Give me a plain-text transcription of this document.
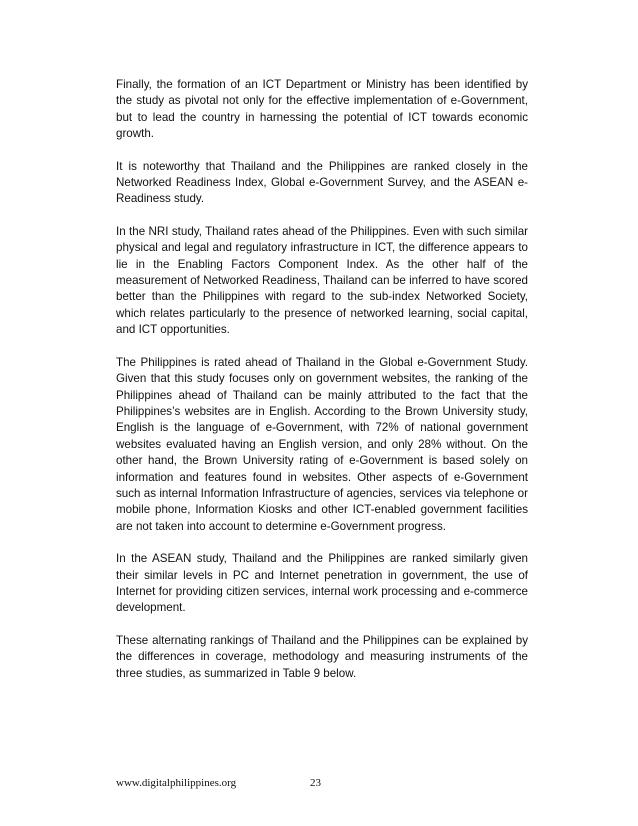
Finally, the formation of an ICT Department or Ministry has been identified by the study as pivotal not only for the effective implementation of e-Government, but to lead the country in harnessing the potential of ICT towards economic growth.

It is noteworthy that Thailand and the Philippines are ranked closely in the Networked Readiness Index, Global e-Government Survey, and the ASEAN e-Readiness study.

In the NRI study, Thailand rates ahead of the Philippines. Even with such similar physical and legal and regulatory infrastructure in ICT, the difference appears to lie in the Enabling Factors Component Index. As the other half of the measurement of Networked Readiness, Thailand can be inferred to have scored better than the Philippines with regard to the sub-index Networked Society, which relates particularly to the presence of networked learning, social capital, and ICT opportunities.

The Philippines is rated ahead of Thailand in the Global e-Government Study. Given that this study focuses only on government websites, the ranking of the Philippines ahead of Thailand can be mainly attributed to the fact that the Philippines’s websites are in English. According to the Brown University study, English is the language of e-Government, with 72% of national government websites evaluated having an English version, and only 28% without. On the other hand, the Brown University rating of e-Government is based solely on information and features found in websites. Other aspects of e-Government such as internal Information Infrastructure of agencies, services via telephone or mobile phone, Information Kiosks and other ICT-enabled government facilities are not taken into account to determine e-Government progress.

In the ASEAN study, Thailand and the Philippines are ranked similarly given their similar levels in PC and Internet penetration in government, the use of Internet for providing citizen services, internal work processing and e-commerce development.

These alternating rankings of Thailand and the Philippines can be explained by the differences in coverage, methodology and measuring instruments of the three studies, as summarized in Table 9 below.

www.digitalphilippines.org	23
